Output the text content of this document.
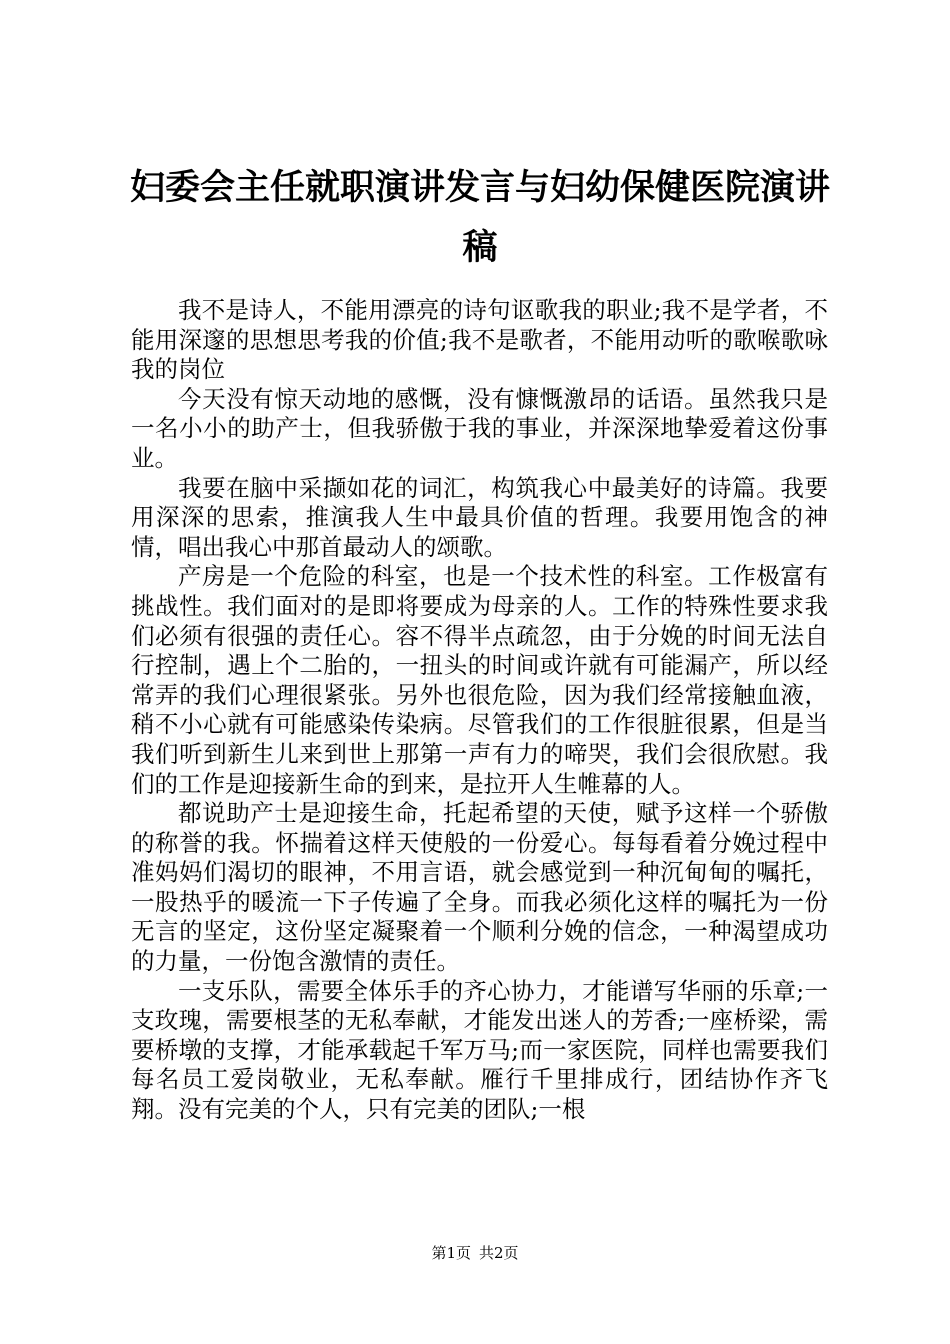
妇委会主任就职演讲发言与妇幼保健医院演讲稿

我不是诗人，不能用漂亮的诗句讴歌我的职业;我不是学者，不能用深邃的思想思考我的价值;我不是歌者，不能用动听的歌喉歌咏我的岗位

今天没有惊天动地的感慨，没有慷慨激昂的话语。虽然我只是一名小小的助产士，但我骄傲于我的事业，并深深地挚爱着这份事业。

我要在脑中采撷如花的词汇，构筑我心中最美好的诗篇。我要用深深的思索，推演我人生中最具价值的哲理。我要用饱含的神情，唱出我心中那首最动人的颂歌。

产房是一个危险的科室，也是一个技术性的科室。工作极富有挑战性。我们面对的是即将要成为母亲的人。工作的特殊性要求我们必须有很强的责任心。容不得半点疏忽，由于分娩的时间无法自行控制，遇上个二胎的，一扭头的时间或许就有可能漏产，所以经常弄的我们心理很紧张。另外也很危险，因为我们经常接触血液，稍不小心就有可能感染传染病。尽管我们的工作很脏很累，但是当我们听到新生儿来到世上那第一声有力的啼哭，我们会很欣慰。我们的工作是迎接新生命的到来，是拉开人生帷幕的人。

都说助产士是迎接生命，托起希望的天使，赋予这样一个骄傲的称誉的我。怀揣着这样天使般的一份爱心。每每看着分娩过程中准妈妈们渴切的眼神，不用言语，就会感觉到一种沉甸甸的嘱托，一股热乎的暖流一下子传遍了全身。而我必须化这样的嘱托为一份无言的坚定，这份坚定凝聚着一个顺利分娩的信念，一种渴望成功的力量，一份饱含激情的责任。

一支乐队，需要全体乐手的齐心协力，才能谱写华丽的乐章;一支玫瑰，需要根茎的无私奉献，才能发出迷人的芳香;一座桥梁，需要桥墩的支撑，才能承载起千军万马;而一家医院，同样也需要我们每名员工爱岗敬业，无私奉献。雁行千里排成行，团结协作齐飞翔。没有完美的个人，只有完美的团队;一根

第1页 共2页
